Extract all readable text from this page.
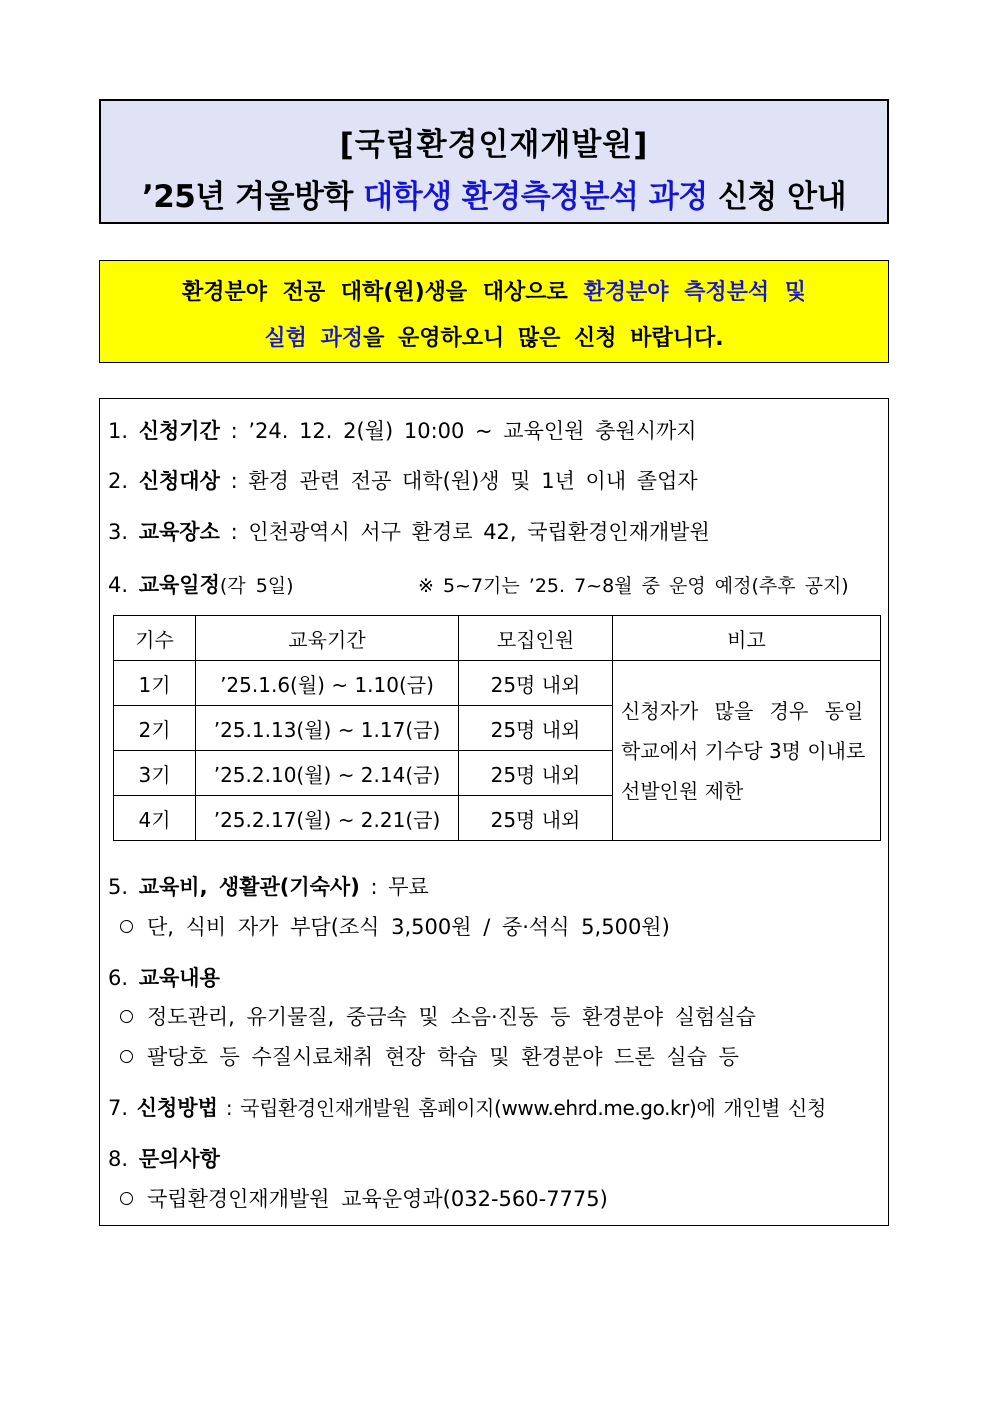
[국립환경인재개발원]
’25년 겨울방학 대학생 환경측정분석 과정 신청 안내
환경분야 전공 대학(원)생을 대상으로 환경분야 측정분석 및
실험 과정을 운영하오니 많은 신청 바랍니다.
1. 신청기간 : ’24. 12. 2(월) 10:00 ~ 교육인원 충원시까지
2. 신청대상 : 환경 관련 전공 대학(원)생 및 1년 이내 졸업자
3. 교육장소 : 인천광역시 서구 환경로 42, 국립환경인재개발원
4. 교육일정(각 5일)	※ 5~7기는 ’25. 7~8월 중 운영 예정(추후 공지)
기수	교육기간	모집인원	비고
1기	’25.1.6(월) ~ 1.10(금)	25명 내외	신청자가 많을 경우 동일
학교에서 기수당 3명 이내로
선발인원 제한

2기	’25.1.13(월) ~ 1.17(금)	25명 내외	
3기	’25.2.10(월) ~ 2.14(금)	25명 내외	
4기	’25.2.17(월) ~ 2.21(금)	25명 내외	
5. 교육비, 생활관(기숙사) : 무료
단, 식비 자가 부담(조식 3,500원 / 중·석식 5,500원)
6. 교육내용
정도관리, 유기물질, 중금속 및 소음·진동 등 환경분야 실험실습
팔당호 등 수질시료채취 현장 학습 및 환경분야 드론 실습 등
7. 신청방법 : 국립환경인재개발원 홈페이지(www.ehrd.me.go.kr)에 개인별 신청
8. 문의사항
국립환경인재개발원 교육운영과(032-560-7775)
